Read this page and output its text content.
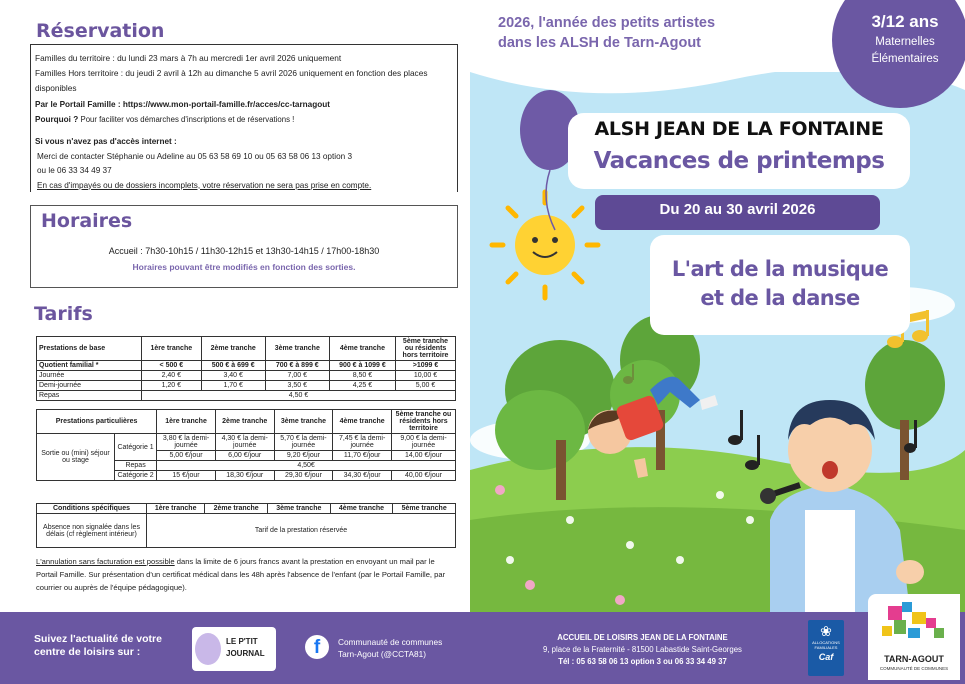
Réservation
Familles du territoire : du lundi 23 mars à 7h au mercredi 1er avril 2026 uniquement
Familles Hors territoire : du jeudi 2 avril à 12h au dimanche 5 avril 2026 uniquement en fonction des places disponibles
Par le Portail Famille : https://www.mon-portail-famille.fr/acces/cc-tarnagout
Pourquoi ? Pour faciliter vos démarches d'inscriptions et de réservations !
Si vous n'avez pas d'accès internet :
Merci de contacter Stéphanie ou Adeline au 05 63 58 69 10 ou 05 63 58 06 13 option 3
ou le 06 33 34 49 37
En cas d'impayés ou de dossiers incomplets, votre réservation ne sera pas prise en compte.
Horaires
Accueil : 7h30-10h15 / 11h30-12h15 et 13h30-14h15 / 17h00-18h30
Horaires pouvant être modifiés en fonction des sorties.
Tarifs
Prestations de base	1ère tranche	2ème tranche	3ème tranche	4ème tranche	5ème tranche ou résidents hors territoire
Quotient familial *	< 500 €	500 € à 699 €	700 € à 899 €	900 € à 1099 €	>1099 €
Journée	2,40 €	3,40 €	7,00 €	8,50 €	10,00 €
Demi-journée	1,20 €	1,70 €	3,50 €	4,25 €	5,00 €
Repas	4,50 €				
Prestations particulières		1ère tranche	2ème tranche	3ème tranche	4ème tranche	5ème tranche ou résidents hors territoire
Sortie ou (mini) séjour ou stage	Catégorie 1	3,80 € la demi-journée	4,30 € la demi-journée	5,70 € la demi-journée	7,45 € la demi-journée	9,00 € la demi-journée
		5,00 €/jour	6,00 €/jour	9,20 €/jour	11,70 €/jour	14,00 €/jour
	Repas	4,50€				
	Catégorie 2	15 €/jour	18,30 €/jour	29,30 €/jour	34,30 €/jour	40,00 €/jour
Conditions spécifiques	1ère tranche	2ème tranche	3ème tranche	4ème tranche	5ème tranche
Absence non signalée dans les délais (cf règlement intérieur)	Tarif de la prestation réservée				
L'annulation sans facturation est possible dans la limite de 6 jours francs avant la prestation en envoyant un mail par le Portail Famille. Sur présentation d'un certificat médical dans les 48h après l'absence de l'enfant (par le Portail Famille, par courrier ou auprès de l'équipe pédagogique).
2026, l'année des petits artistes
dans les ALSH de Tarn-Agout
3/12 ans
Maternelles
Élémentaires
ALSH JEAN DE LA FONTAINE
Vacances de printemps
Du 20 au 30 avril 2026
L'art de la musique
et de la danse
Suivez l'actualité de votre
centre de loisirs sur :
LE P'TIT
JOURNAL	f	Communauté de communes
Tarn-Agout (@CCTA81)
ACCUEIL DE LOISIRS JEAN DE LA FONTAINE
9, place de la Fraternité - 81500 Labastide Saint-Georges
Tél : 05 63 58 06 13 option 3 ou 06 33 34 49 37
❀
ALLOCATIONS
FAMILIALES
Caf	TARN-AGOUT
COMMUNAUTÉ DE COMMUNES
